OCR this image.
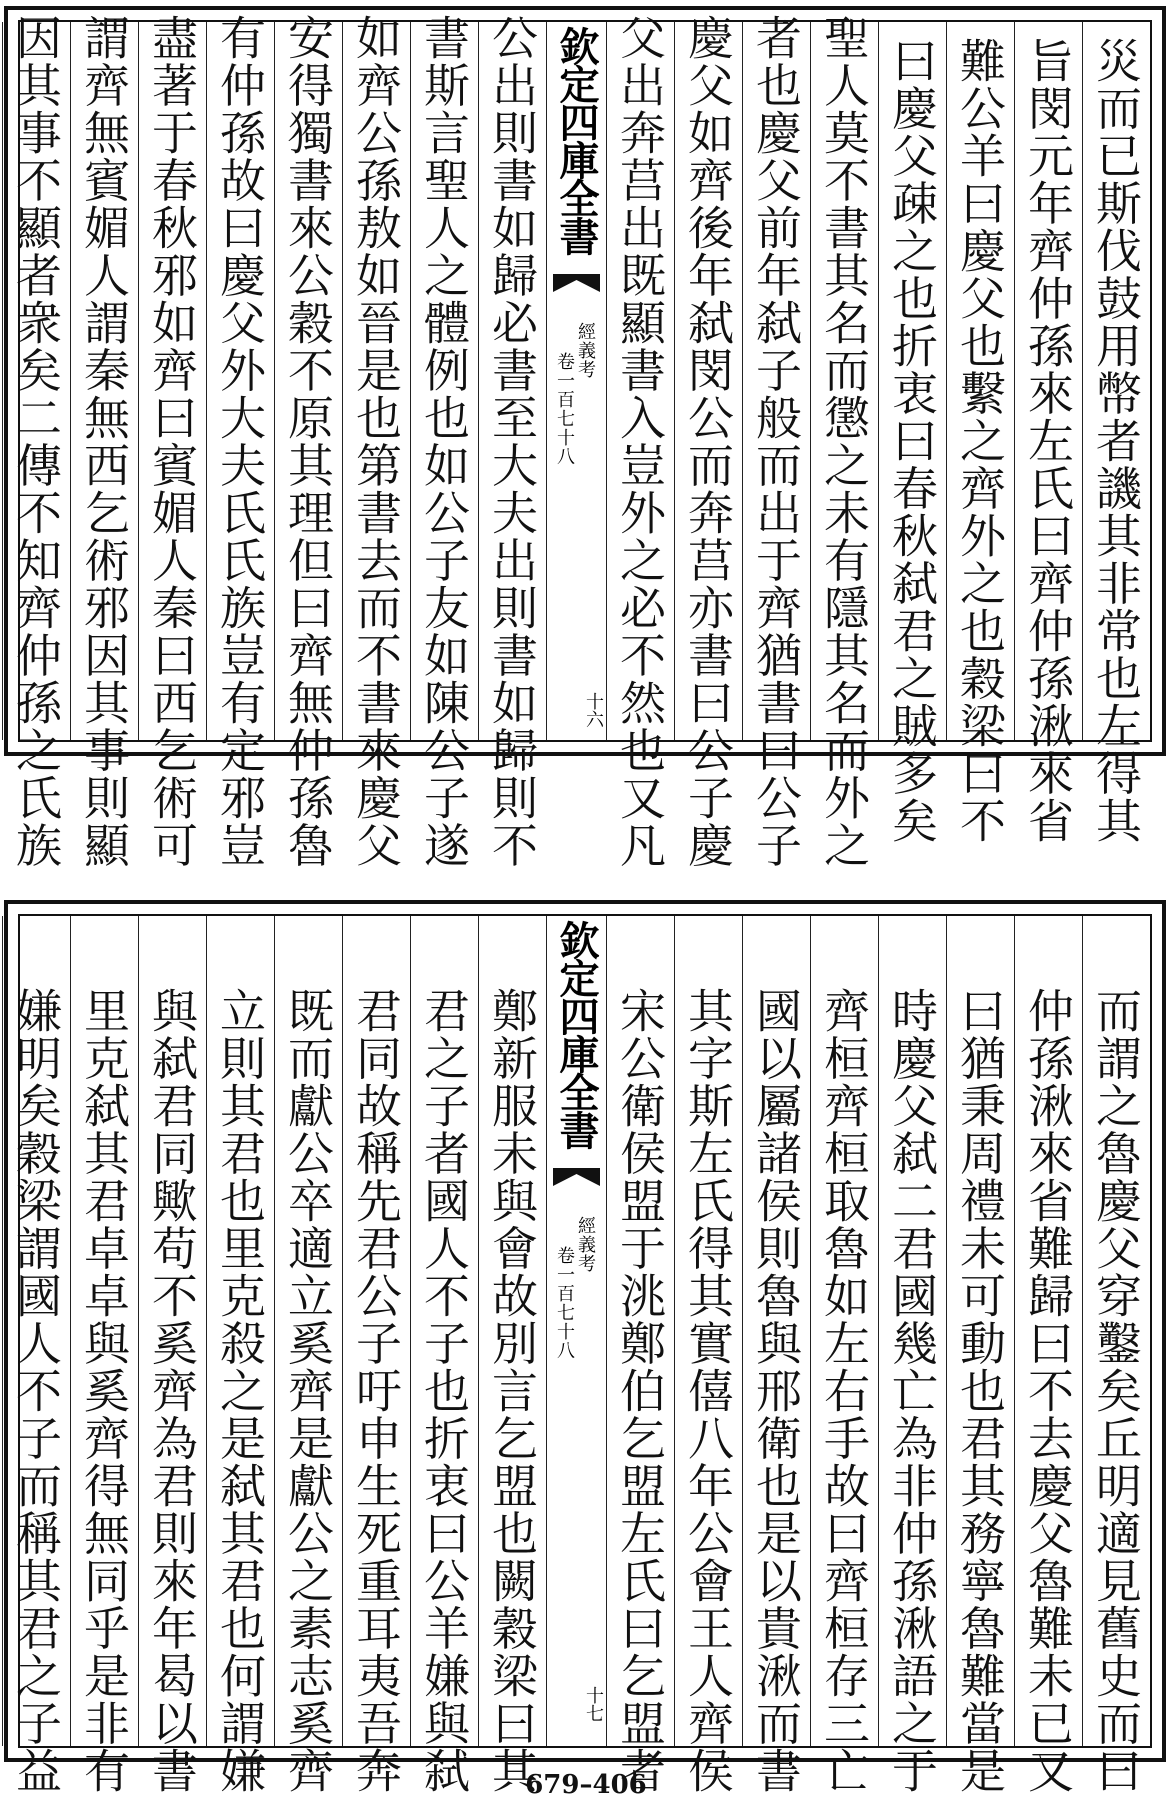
災而已斯伐鼓用幣者譏其非常也左得其
旨閔元年齊仲孫來左氏曰齊仲孫湫來省
難公羊曰慶父也繫之齊外之也穀梁曰不
曰慶父疎之也折衷曰春秋弑君之賊多矣
聖人莫不書其名而懲之未有隱其名而外之
者也慶父前年弑子般而出于齊猶書曰公子
慶父如齊後年弑閔公而奔莒亦書曰公子慶
父出奔莒出既顯書入豈外之必不然也又凡
欽定四庫全書
經義考
卷一百七十八
十六
公出則書如歸必書至大夫出則書如歸則不
書斯言聖人之體例也如公子友如陳公子遂
如齊公孫敖如晉是也第書去而不書來慶父
安得獨書來公穀不原其理但曰齊無仲孫魯
有仲孫故曰慶父外大夫氏氏族豈有定邪豈
盡著于春秋邪如齊曰賓媚人秦曰西乞術可
謂齊無賓媚人謂秦無西乞術邪因其事則顯
因其事不顯者衆矣二傳不知齊仲孫之氏族
而謂之魯慶父穿鑿矣丘明適見舊史而曰
仲孫湫來省難歸曰不去慶父魯難未已又
曰猶秉周禮未可動也君其務寧魯難當是
時慶父弑二君國幾亡為非仲孫湫語之于
齊桓齊桓取魯如左右手故曰齊桓存三亡
國以屬諸侯則魯與邢衛也是以貴湫而書
其字斯左氏得其實僖八年公會王人齊侯
宋公衛侯盟于洮鄭伯乞盟左氏曰乞盟者
欽定四庫全書
經義考
卷一百七十八
十七
鄭新服未與會故別言乞盟也闕穀梁曰其
君之子者國人不子也折衷曰公羊嫌與弑
君同故稱先君公子吁申生死重耳夷吾奔
既而獻公卒適立奚齊是獻公之素志奚齊
立則其君也里克殺之是弑其君也何謂嫌
與弑君同歟苟不奚齊為君則來年曷以書
里克弑其君卓卓與奚齊得無同乎是非有
嫌明矣穀梁謂國人不子而稱其君之子益	679–406
